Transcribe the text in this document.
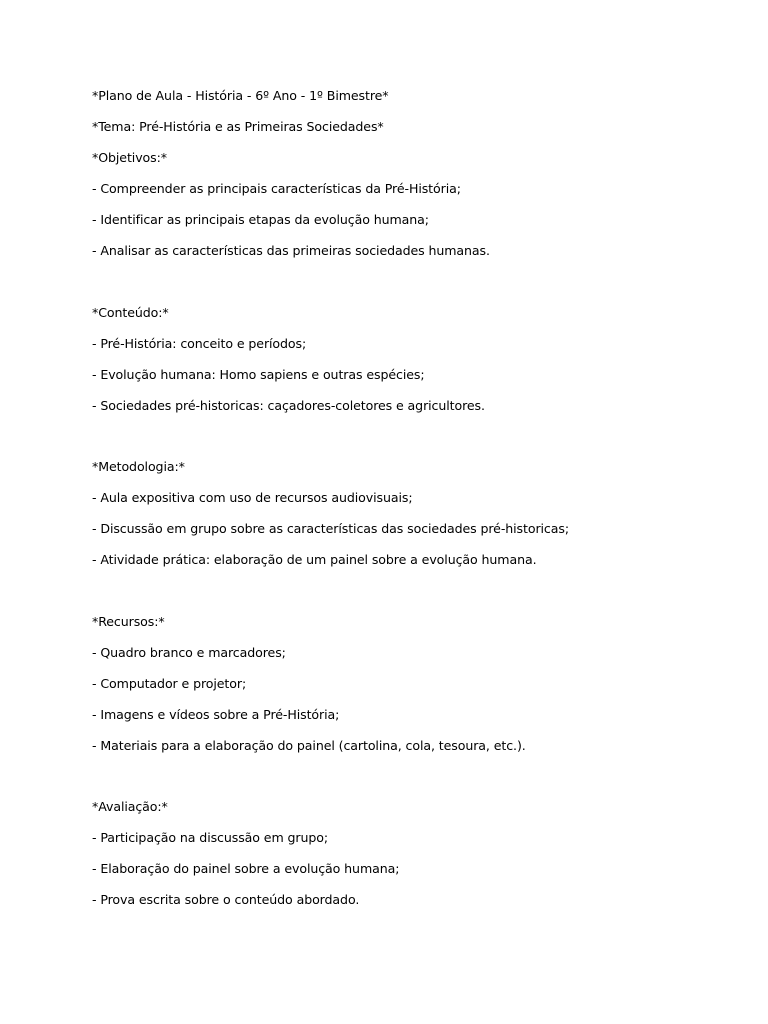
*Plano de Aula - História - 6º Ano - 1º Bimestre*
*Tema: Pré-História e as Primeiras Sociedades*
*Objetivos:*
- Compreender as principais características da Pré-História;
- Identificar as principais etapas da evolução humana;
- Analisar as características das primeiras sociedades humanas.
*Conteúdo:*
- Pré-História: conceito e períodos;
- Evolução humana: Homo sapiens e outras espécies;
- Sociedades pré-historicas: caçadores-coletores e agricultores.
*Metodologia:*
- Aula expositiva com uso de recursos audiovisuais;
- Discussão em grupo sobre as características das sociedades pré-historicas;
- Atividade prática: elaboração de um painel sobre a evolução humana.
*Recursos:*
- Quadro branco e marcadores;
- Computador e projetor;
- Imagens e vídeos sobre a Pré-História;
- Materiais para a elaboração do painel (cartolina, cola, tesoura, etc.).
*Avaliação:*
- Participação na discussão em grupo;
- Elaboração do painel sobre a evolução humana;
- Prova escrita sobre o conteúdo abordado.
